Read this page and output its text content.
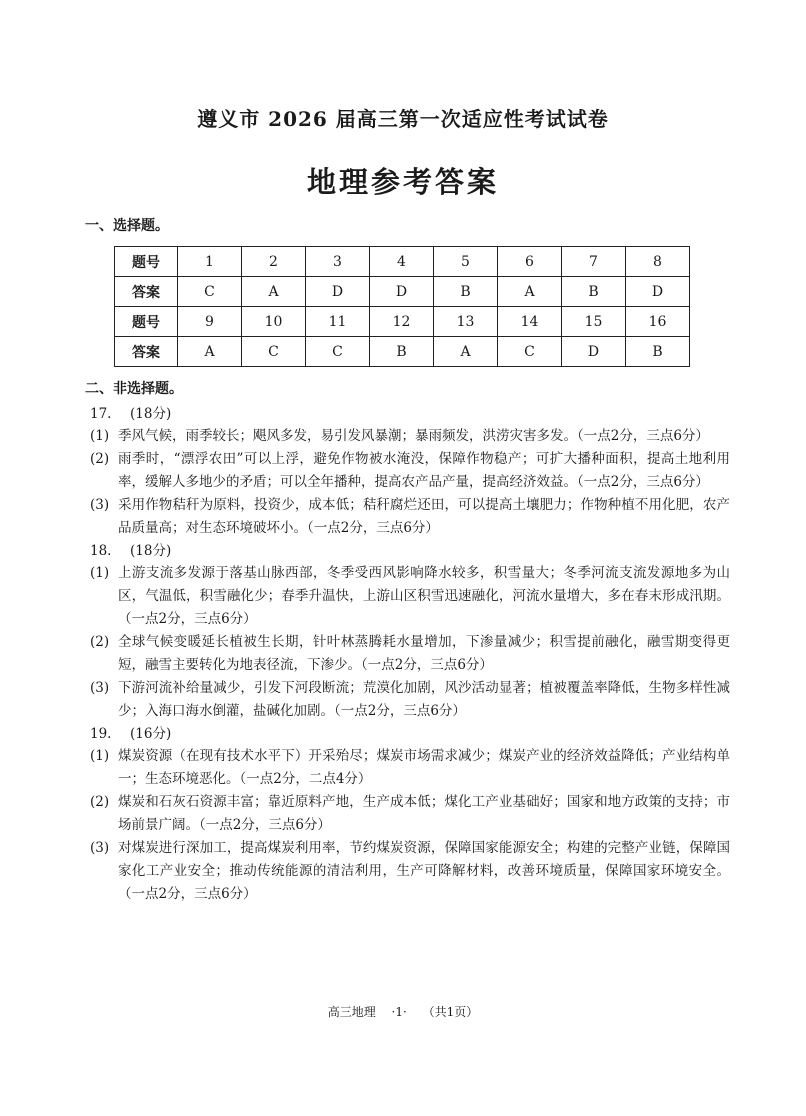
遵义市 2026 届高三第一次适应性考试试卷
地理参考答案
一、选择题。
题号	1	2	3	4	5	6	7	8
答案	C	A	D	D	B	A	B	D
题号	9	10	11	12	13	14	15	16
答案	A	C	C	B	A	C	D	B
二、非选择题。
17. (18分)
(1) 季风气候，雨季较长；飓风多发，易引发风暴潮；暴雨频发，洪涝灾害多发。（一点2分，三点6分）
(2) 雨季时，“漂浮农田”可以上浮，避免作物被水淹没，保障作物稳产；可扩大播种面积，提高土地利用率，缓解人多地少的矛盾；可以全年播种，提高农产品产量，提高经济效益。（一点2分，三点6分）
(3) 采用作物秸秆为原料，投资少，成本低；秸秆腐烂还田，可以提高土壤肥力；作物种植不用化肥，农产品质量高；对生态环境破坏小。（一点2分，三点6分）
18. (18分)
(1) 上游支流多发源于落基山脉西部，冬季受西风影响降水较多，积雪量大；冬季河流支流发源地多为山区，气温低，积雪融化少；春季升温快，上游山区积雪迅速融化，河流水量增大，多在春末形成汛期。（一点2分，三点6分）
(2) 全球气候变暖延长植被生长期，针叶林蒸腾耗水量增加，下渗量减少；积雪提前融化，融雪期变得更短，融雪主要转化为地表径流，下渗少。（一点2分，三点6分）
(3) 下游河流补给量减少，引发下河段断流；荒漠化加剧，风沙活动显著；植被覆盖率降低，生物多样性减少；入海口海水倒灌，盐碱化加剧。（一点2分，三点6分）
19. (16分)
(1) 煤炭资源（在现有技术水平下）开采殆尽；煤炭市场需求减少；煤炭产业的经济效益降低；产业结构单一；生态环境恶化。（一点2分，二点4分）
(2) 煤炭和石灰石资源丰富；靠近原料产地，生产成本低；煤化工产业基础好；国家和地方政策的支持；市场前景广阔。（一点2分，三点6分）
(3) 对煤炭进行深加工，提高煤炭利用率，节约煤炭资源，保障国家能源安全；构建的完整产业链，保障国家化工产业安全；推动传统能源的清洁利用，生产可降解材料，改善环境质量，保障国家环境安全。（一点2分，三点6分）
高三地理 ·1· （共1页）
